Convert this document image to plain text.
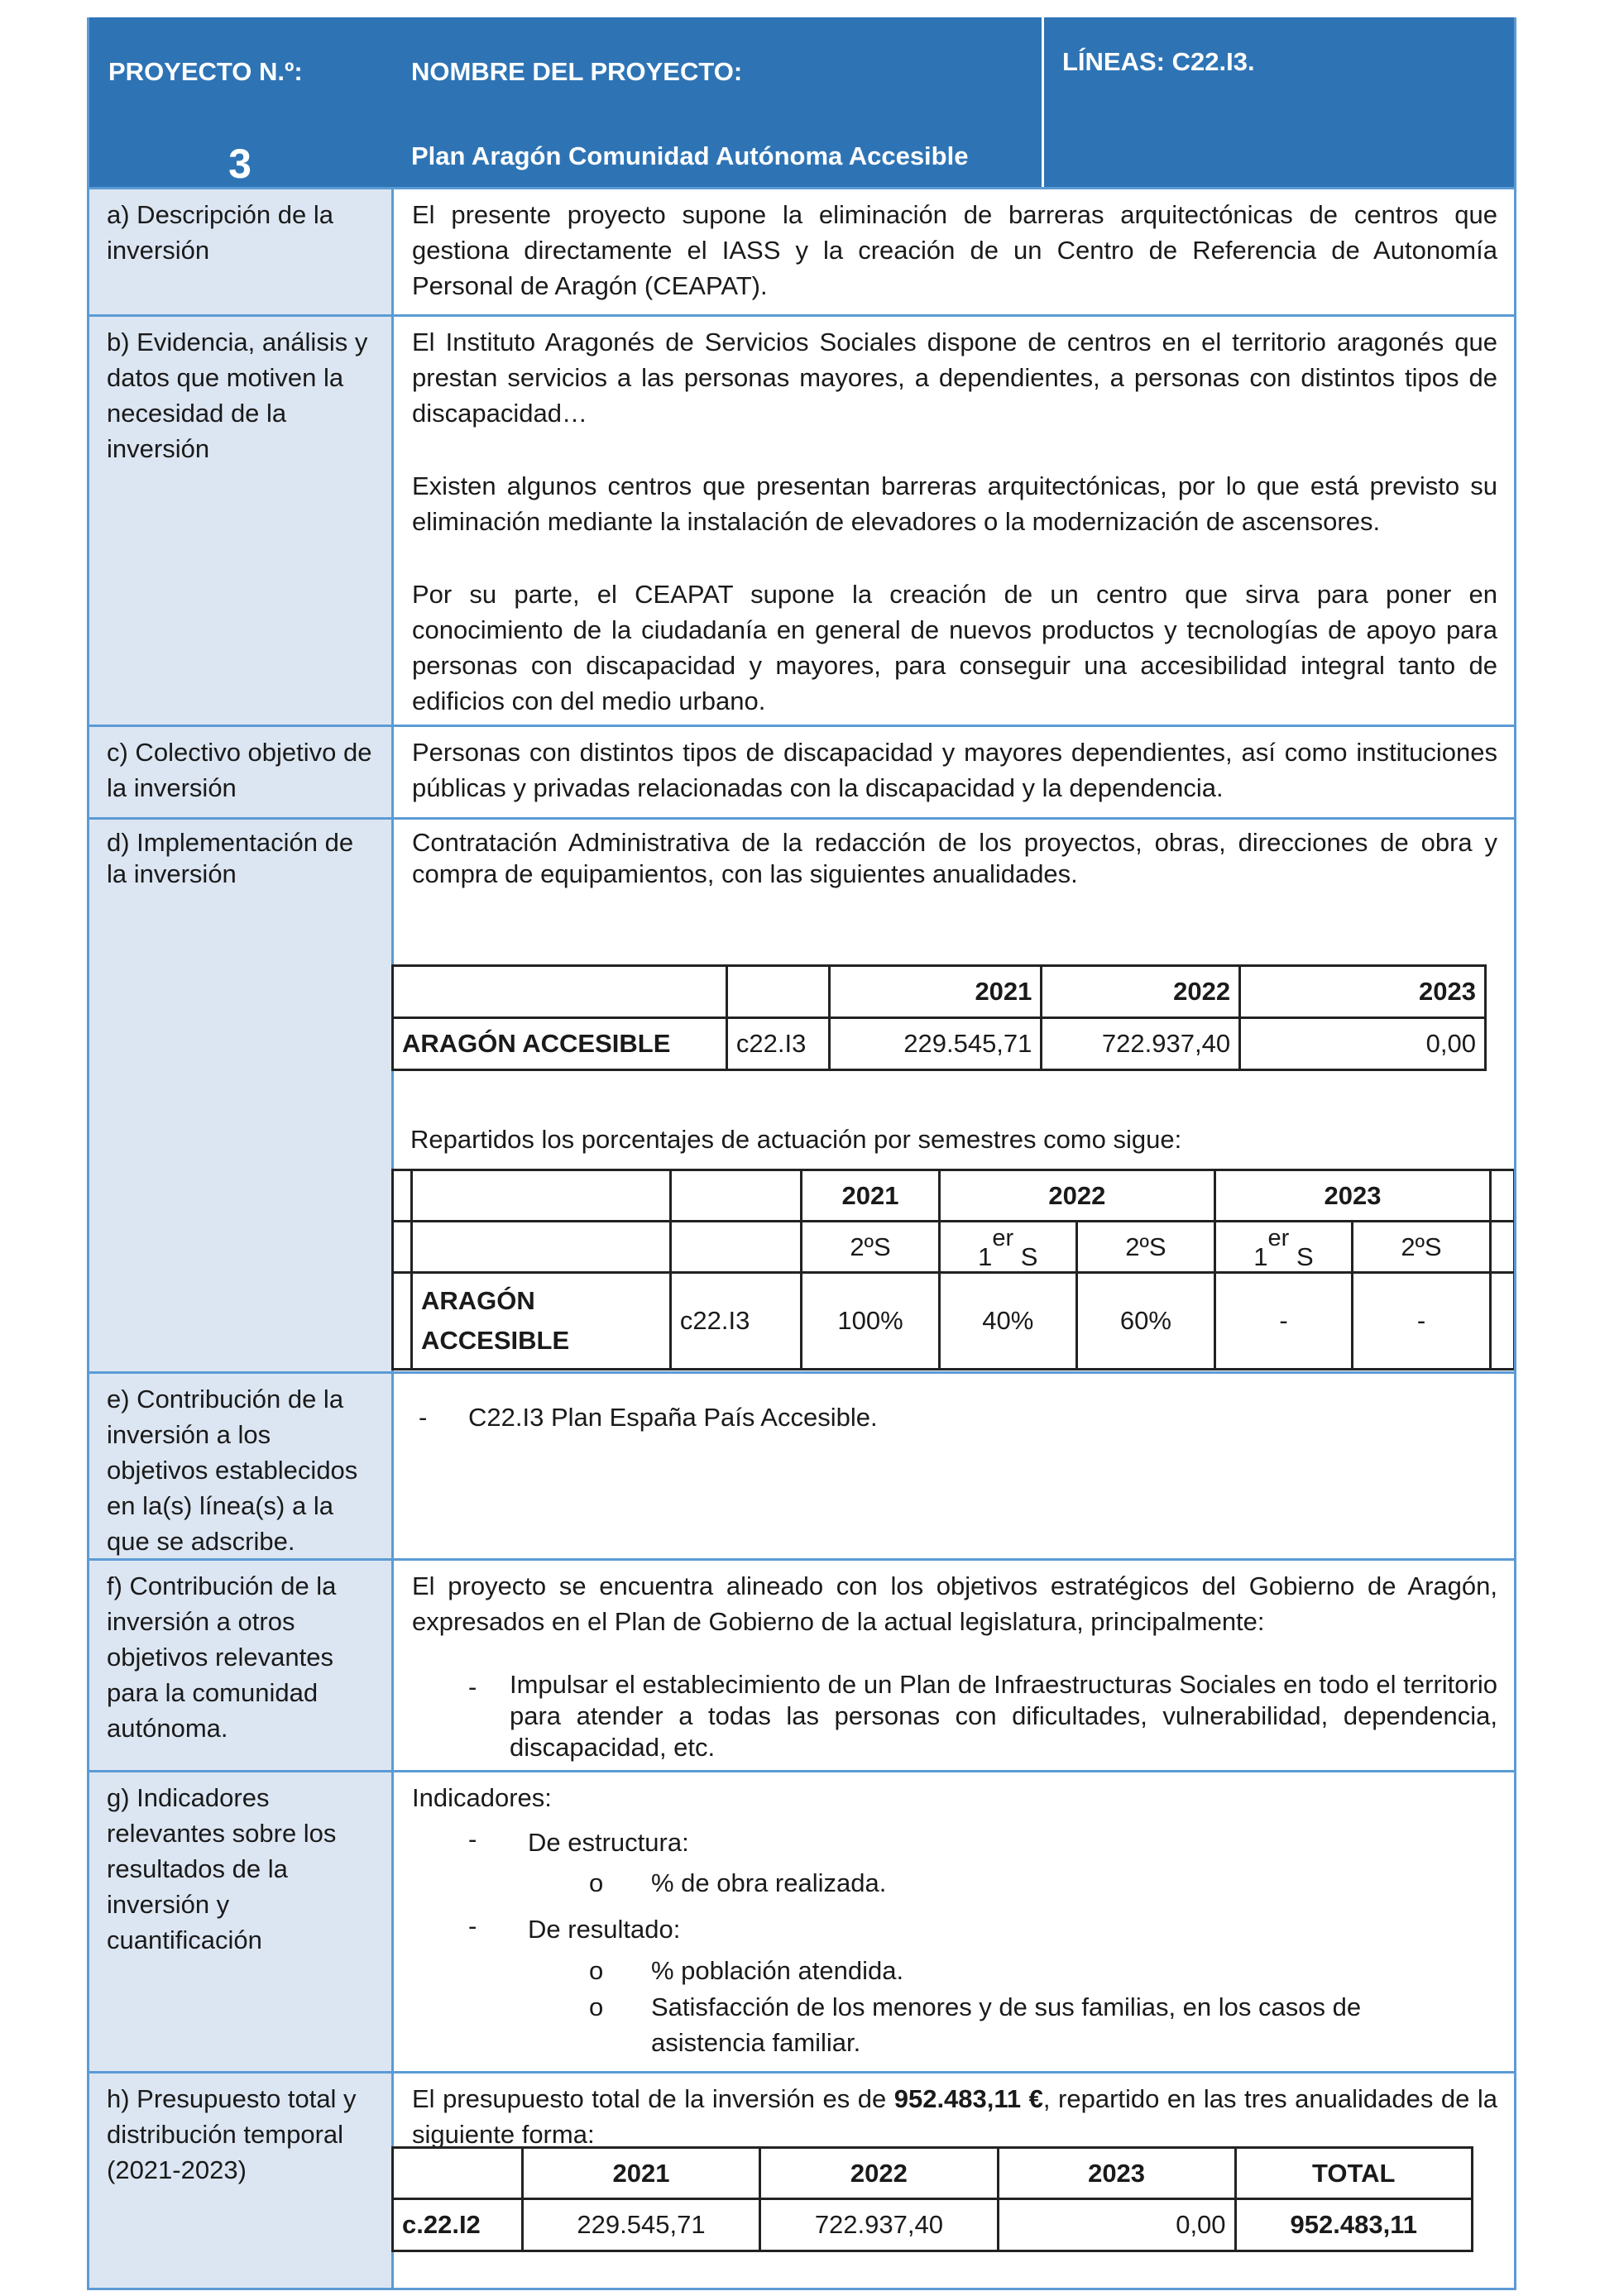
PROYECTO N.º:
3
NOMBRE DEL PROYECTO:
Plan Aragón Comunidad Autónoma Accesible
LÍNEAS: C22.I3.
a) Descripción de la inversión

El presente proyecto supone la eliminación de barreras arquitectónicas de centros que gestiona directamente el IASS y la creación de un Centro de Referencia de Autonomía Personal de Aragón (CEAPAT).

b) Evidencia, análisis y datos que motiven la necesidad de la inversión

El Instituto Aragonés de Servicios Sociales dispone de centros en el territorio aragonés que prestan servicios a las personas mayores, a dependientes, a personas con distintos tipos de discapacidad…

Existen algunos centros que presentan barreras arquitectónicas, por lo que está previsto su eliminación mediante la instalación de elevadores o la modernización de ascensores.

Por su parte, el CEAPAT supone la creación de un centro que sirva para poner en conocimiento de la ciudadanía en general de nuevos productos y tecnologías de apoyo para personas con discapacidad y mayores, para conseguir una accesibilidad integral tanto de edificios con del medio urbano.

c) Colectivo objetivo de la inversión

Personas con distintos tipos de discapacidad y mayores dependientes, así como instituciones públicas y privadas relacionadas con la discapacidad y la dependencia.

d) Implementación de la inversión

Contratación Administrativa de la redacción de los proyectos, obras, direcciones de obra y compra de equipamientos, con las siguientes anualidades.

		2021	2022	2023
ARAGÓN ACCESIBLE	c22.I3	229.545,71	722.937,40	0,00
Repartidos los porcentajes de actuación por semestres como sigue:
			2021	2022		2023		
			2ºS	1er S	2ºS	1er S	2ºS	
	ARAGÓN
ACCESIBLE	c22.I3	100%	40%	60%	-	-	
e) Contribución de la inversión a los objetivos establecidos en la(s) línea(s) a la que se adscribe.
- C22.I3 Plan España País Accesible.
f) Contribución de la inversión a otros objetivos relevantes para la comunidad autónoma.

El proyecto se encuentra alineado con los objetivos estratégicos del Gobierno de Aragón, expresados en el Plan de Gobierno de la actual legislatura, principalmente:

- Impulsar el establecimiento de un Plan de Infraestructuras Sociales en todo el territorio para atender a todas las personas con dificultades, vulnerabilidad, dependencia, discapacidad, etc.
g) Indicadores relevantes sobre los resultados de la inversión y cuantificación

Indicadores:

- De estructura:
o % de obra realizada.
- De resultado:
o % población atendida.
o Satisfacción de los menores y de sus familias, en los casos de asistencia familiar.
h) Presupuesto total y distribución temporal (2021-2023)

El presupuesto total de la inversión es de 952.483,11 €, repartido en las tres anualidades de la siguiente forma:

	2021	2022	2023	TOTAL
c.22.I2	229.545,71	722.937,40	0,00	952.483,11
